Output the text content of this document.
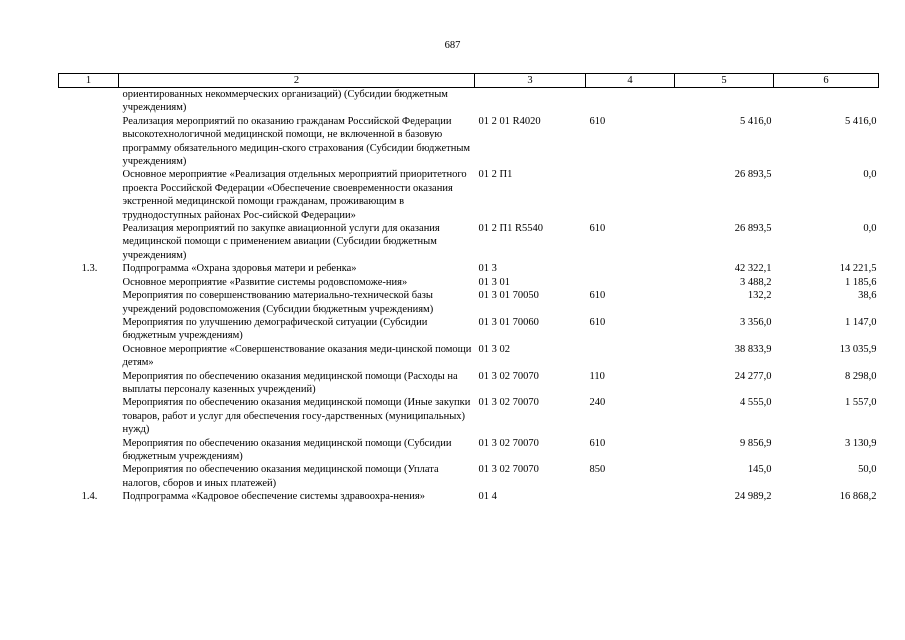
687
1	2	3	4	5	6
	ориентированных некоммерческих организаций) (Субсидии бюджетным учреждениям)				
	Реализация мероприятий по оказанию гражданам Российской Федерации высокотехнологичной медицинской помощи, не включенной в базовую программу обязательного медицин-ского страхования (Субсидии бюджетным учреждениям)	01 2 01 R4020	610	5 416,0	5 416,0
	Основное мероприятие «Реализация отдельных мероприятий приоритетного проекта Российской Федерации «Обеспечение своевременности оказания экстренной медицинской помощи гражданам, проживающим в труднодоступных районах Рос-сийской Федерации»	01 2 П1		26 893,5	0,0
	Реализация мероприятий по закупке авиационной услуги для оказания медицинской помощи с применением авиации (Субсидии бюджетным учреждениям)	01 2 П1 R5540	610	26 893,5	0,0
1.3.	Подпрограмма «Охрана здоровья матери и ребенка»	01 3		42 322,1	14 221,5
	Основное мероприятие «Развитие системы родовспоможе-ния»	01 3 01		3 488,2	1 185,6
	Мероприятия по совершенствованию материально-технической базы учреждений родовспоможения (Субсидии бюджетным учреждениям)	01 3 01 70050	610	132,2	38,6
	Мероприятия по улучшению демографической ситуации (Субсидии бюджетным учреждениям)	01 3 01 70060	610	3 356,0	1 147,0
	Основное мероприятие «Совершенствование оказания меди-цинской помощи детям»	01 3 02		38 833,9	13 035,9
	Мероприятия по обеспечению оказания медицинской помощи (Расходы на выплаты персоналу казенных учреждений)	01 3 02 70070	110	24 277,0	8 298,0
	Мероприятия по обеспечению оказания медицинской помощи (Иные закупки товаров, работ и услуг для обеспечения госу-дарственных (муниципальных) нужд)	01 3 02 70070	240	4 555,0	1 557,0
	Мероприятия по обеспечению оказания медицинской помощи (Субсидии бюджетным учреждениям)	01 3 02 70070	610	9 856,9	3 130,9
	Мероприятия по обеспечению оказания медицинской помощи (Уплата налогов, сборов и иных платежей)	01 3 02 70070	850	145,0	50,0
1.4.	Подпрограмма «Кадровое обеспечение системы здравоохра-нения»	01 4		24 989,2	16 868,2
